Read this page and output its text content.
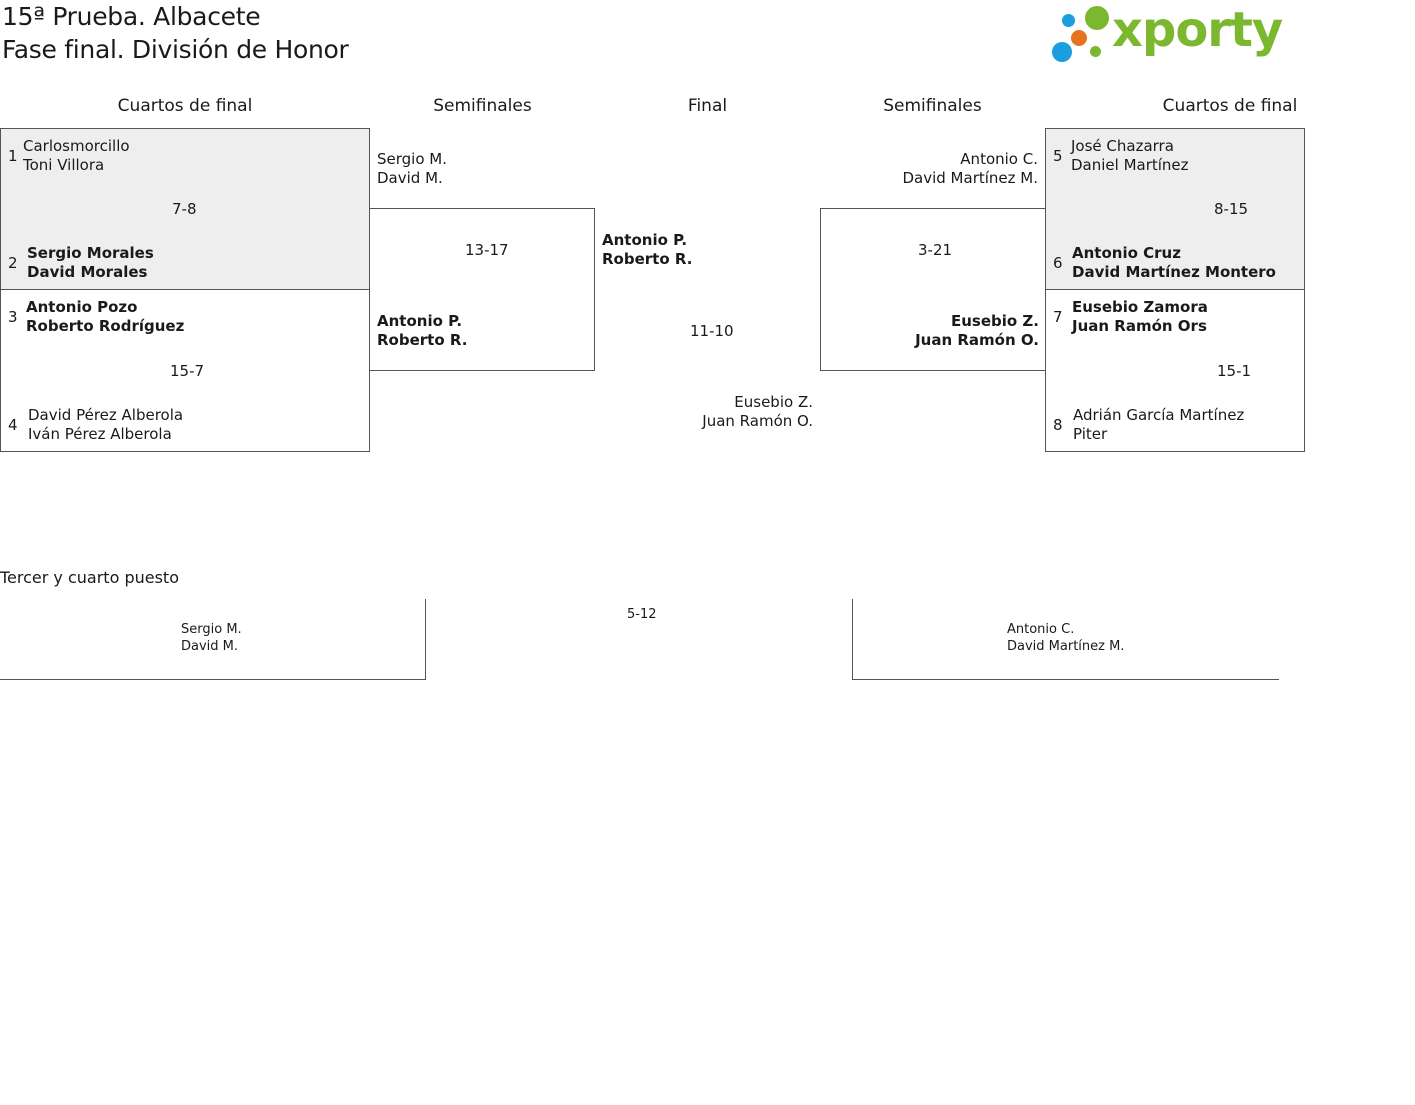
15ª Prueba. Albacete
Fase final. División de Honor	xporty
Cuartos de final	Semifinales	Final	Semifinales	Cuartos de final
1
Carlosmorcillo
Toni Villora
7-8
2
Sergio Morales
David Morales
3
Antonio Pozo
Roberto Rodríguez
15-7
4
David Pérez Alberola
Iván Pérez Alberola
Sergio M.
David M.
13-17
Antonio P.
Roberto R.
Antonio P.
Roberto R.
11-10
Eusebio Z.
Juan Ramón O.
Antonio C.
David Martínez M.
3-21
Eusebio Z.
Juan Ramón O.
5
José Chazarra
Daniel Martínez
8-15
6
Antonio Cruz
David Martínez Montero
7
Eusebio Zamora
Juan Ramón Ors
15-1
8
Adrián García Martínez
Piter
Tercer y cuarto puesto
Sergio M.
David M.
5-12
Antonio C.
David Martínez M.
